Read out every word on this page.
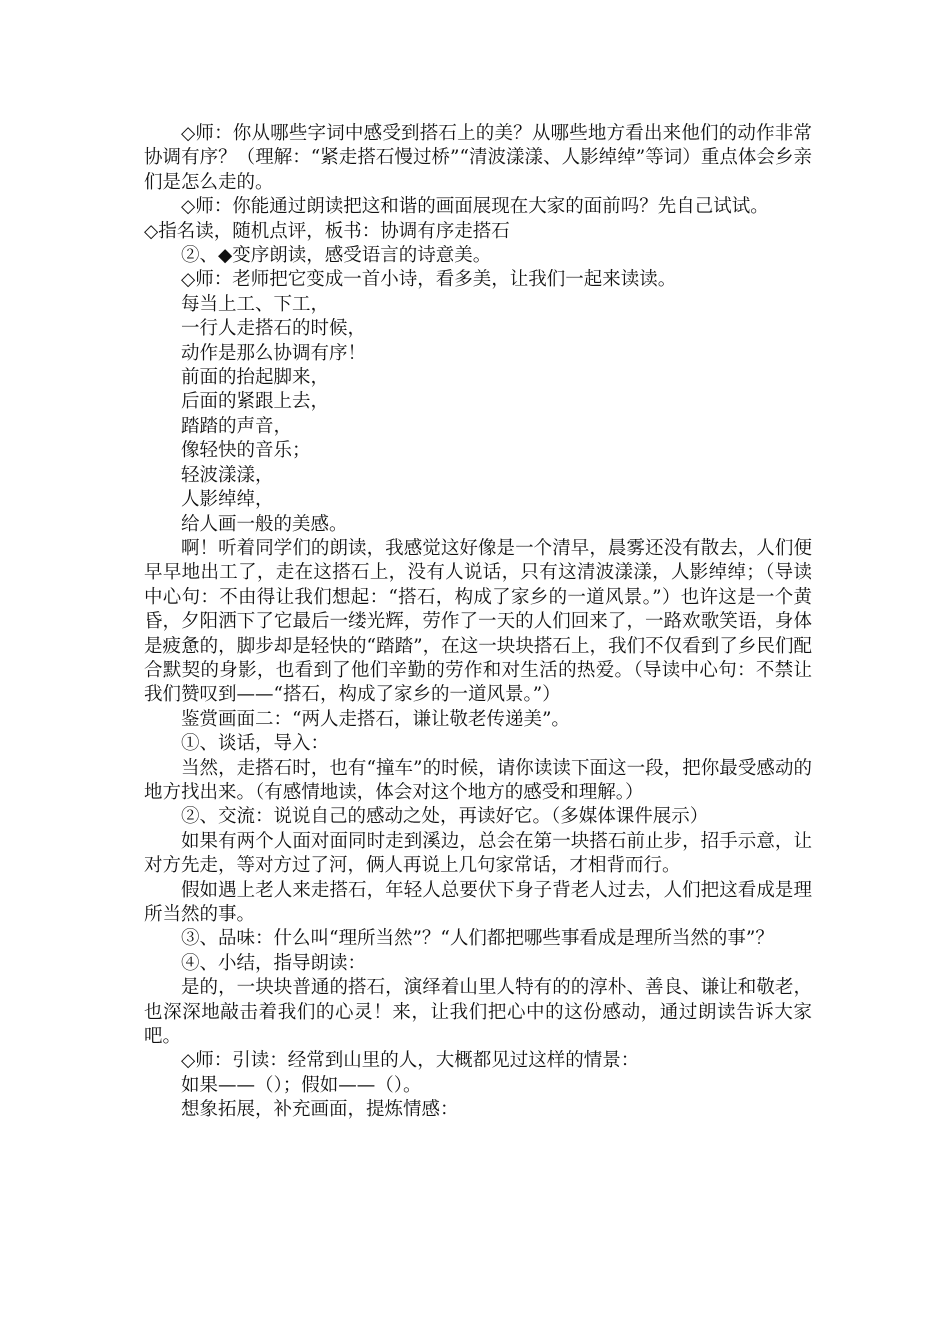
◇师：你从哪些字词中感受到搭石上的美？从哪些地方看出来他们的动作非常协调有序？（理解：“紧走搭石慢过桥”“清波漾漾、人影绰绰”等词）重点体会乡亲们是怎么走的。

◇师：你能通过朗读把这和谐的画面展现在大家的面前吗？先自己试试。

◇指名读，随机点评，板书：协调有序走搭石

②、◆变序朗读，感受语言的诗意美。

◇师：老师把它变成一首小诗，看多美，让我们一起来读读。

每当上工、下工，

一行人走搭石的时候，

动作是那么协调有序！

前面的抬起脚来，

后面的紧跟上去，

踏踏的声音，

像轻快的音乐；

轻波漾漾，

人影绰绰，

给人画一般的美感。

啊！听着同学们的朗读，我感觉这好像是一个清早，晨雾还没有散去，人们便早早地出工了，走在这搭石上，没有人说话，只有这清波漾漾，人影绰绰；（导读中心句：不由得让我们想起：“搭石，构成了家乡的一道风景。”）也许这是一个黄昏，夕阳洒下了它最后一缕光辉，劳作了一天的人们回来了，一路欢歌笑语，身体是疲惫的，脚步却是轻快的“踏踏”，在这一块块搭石上，我们不仅看到了乡民们配合默契的身影，也看到了他们辛勤的劳作和对生活的热爱。（导读中心句：不禁让我们赞叹到——“搭石，构成了家乡的一道风景。”）

鉴赏画面二：“两人走搭石，谦让敬老传递美”。

①、谈话，导入：

当然，走搭石时，也有“撞车”的时候，请你读读下面这一段，把你最受感动的地方找出来。（有感情地读，体会对这个地方的感受和理解。）

②、交流：说说自己的感动之处，再读好它。（多媒体课件展示）

如果有两个人面对面同时走到溪边，总会在第一块搭石前止步，招手示意，让对方先走，等对方过了河，俩人再说上几句家常话，才相背而行。

假如遇上老人来走搭石，年轻人总要伏下身子背老人过去，人们把这看成是理所当然的事。

③、品味：什么叫“理所当然”？“人们都把哪些事看成是理所当然的事”？

④、小结，指导朗读：

是的，一块块普通的搭石，演绎着山里人特有的的淳朴、善良、谦让和敬老，也深深地敲击着我们的心灵！来，让我们把心中的这份感动，通过朗读告诉大家吧。

◇师：引读：经常到山里的人，大概都见过这样的情景：

如果——（）；假如——（）。

想象拓展，补充画面，提炼情感：
